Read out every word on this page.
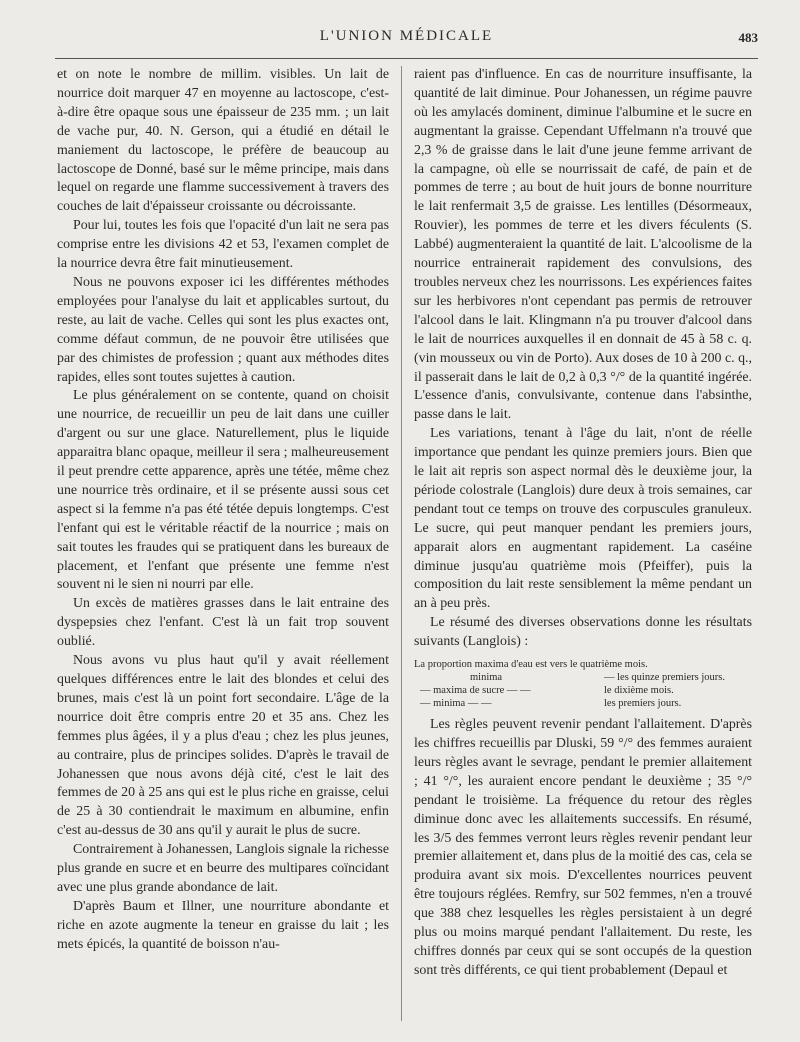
L'UNION MÉDICALE	483

et on note le nombre de millim. visibles. Un lait de nourrice doit marquer 47 en moyenne au lactoscope, c'est-à-dire être opaque sous une épaisseur de 235 mm. ; un lait de vache pur, 40. N. Gerson, qui a étudié en détail le maniement du lactoscope, le préfère de beaucoup au lactoscope de Donné, basé sur le même principe, mais dans lequel on regarde une flamme successivement à travers des couches de lait d'épaisseur croissante ou décroissante.

Pour lui, toutes les fois que l'opacité d'un lait ne sera pas comprise entre les divisions 42 et 53, l'examen complet de la nourrice devra être fait minutieusement.

Nous ne pouvons exposer ici les différentes méthodes employées pour l'analyse du lait et applicables surtout, du reste, au lait de vache. Celles qui sont les plus exactes ont, comme défaut commun, de ne pouvoir être utilisées que par des chimistes de profession ; quant aux méthodes dites rapides, elles sont toutes sujettes à caution.

Le plus généralement on se contente, quand on choisit une nourrice, de recueillir un peu de lait dans une cuiller d'argent ou sur une glace. Naturellement, plus le liquide apparaitra blanc opaque, meilleur il sera ; malheureusement il peut prendre cette apparence, après une tétée, même chez une nourrice très ordinaire, et il se présente aussi sous cet aspect si la femme n'a pas été tétée depuis longtemps. C'est l'enfant qui est le véritable réactif de la nourrice ; mais on sait toutes les fraudes qui se pratiquent dans les bureaux de placement, et l'enfant que présente une femme n'est souvent ni le sien ni nourri par elle.

Un excès de matières grasses dans le lait entraine des dyspepsies chez l'enfant. C'est là un fait trop souvent oublié.

Nous avons vu plus haut qu'il y avait réellement quelques différences entre le lait des blondes et celui des brunes, mais c'est là un point fort secondaire. L'âge de la nourrice doit être compris entre 20 et 35 ans. Chez les femmes plus âgées, il y a plus d'eau ; chez les plus jeunes, au contraire, plus de principes solides. D'après le travail de Johanessen que nous avons déjà cité, c'est le lait des femmes de 20 à 25 ans qui est le plus riche en graisse, celui de 25 à 30 contiendrait le maximum en albumine, enfin c'est au-dessus de 30 ans qu'il y aurait le plus de sucre.

Contrairement à Johanessen, Langlois signale la richesse plus grande en sucre et en beurre des multipares coïncidant avec une plus grande abondance de lait.

D'après Baum et Illner, une nourriture abondante et riche en azote augmente la teneur en graisse du lait ; les mets épicés, la quantité de boisson n'au-

raient pas d'influence. En cas de nourriture insuffisante, la quantité de lait diminue. Pour Johanessen, un régime pauvre où les amylacés dominent, diminue l'albumine et le sucre en augmentant la graisse. Cependant Uffelmann n'a trouvé que 2,3 % de graisse dans le lait d'une jeune femme arrivant de la campagne, où elle se nourrissait de café, de pain et de pommes de terre ; au bout de huit jours de bonne nourriture le lait renfermait 3,5 de graisse. Les lentilles (Désormeaux, Rouvier), les pommes de terre et les divers féculents (S. Labbé) augmenteraient la quantité de lait. L'alcoolisme de la nourrice entrainerait rapidement des convulsions, des troubles nerveux chez les nourrissons. Les expériences faites sur les herbivores n'ont cependant pas permis de retrouver l'alcool dans le lait. Klingmann n'a pu trouver d'alcool dans le lait de nourrices auxquelles il en donnait de 45 à 58 c. q. (vin mousseux ou vin de Porto). Aux doses de 10 à 200 c. q., il passerait dans le lait de 0,2 à 0,3 °/° de la quantité ingérée. L'essence d'anis, convulsivante, contenue dans l'absinthe, passe dans le lait.

Les variations, tenant à l'âge du lait, n'ont de réelle importance que pendant les quinze premiers jours. Bien que le lait ait repris son aspect normal dès le deuxième jour, la période colostrale (Langlois) dure deux à trois semaines, car pendant tout ce temps on trouve des corpuscules granuleux. Le sucre, qui peut manquer pendant les premiers jours, apparait alors en augmentant rapidement. La caséine diminue jusqu'au quatrième mois (Pfeiffer), puis la composition du lait reste sensiblement la même pendant un an à peu près.

Le résumé des diverses observations donne les résultats suivants (Langlois) :

La proportion maxima d'eau est vers le quatrième mois.
minima	— les quinze premiers jours.
— maxima de sucre — —	le dixième mois.
— minima — —	les premiers jours.

Les règles peuvent revenir pendant l'allaitement. D'après les chiffres recueillis par Dluski, 59 °/° des femmes auraient leurs règles avant le sevrage, pendant le premier allaitement ; 41 °/°, les auraient encore pendant le deuxième ; 35 °/° pendant le troisième. La fréquence du retour des règles diminue donc avec les allaitements successifs. En résumé, les 3/5 des femmes verront leurs règles revenir pendant leur premier allaitement et, dans plus de la moitié des cas, cela se produira avant six mois. D'excellentes nourrices peuvent être toujours réglées. Remfry, sur 502 femmes, n'en a trouvé que 388 chez lesquelles les règles persistaient à un degré plus ou moins marqué pendant l'allaitement. Du reste, les chiffres donnés par ceux qui se sont occupés de la question sont très différents, ce qui tient probablement (Depaul et
